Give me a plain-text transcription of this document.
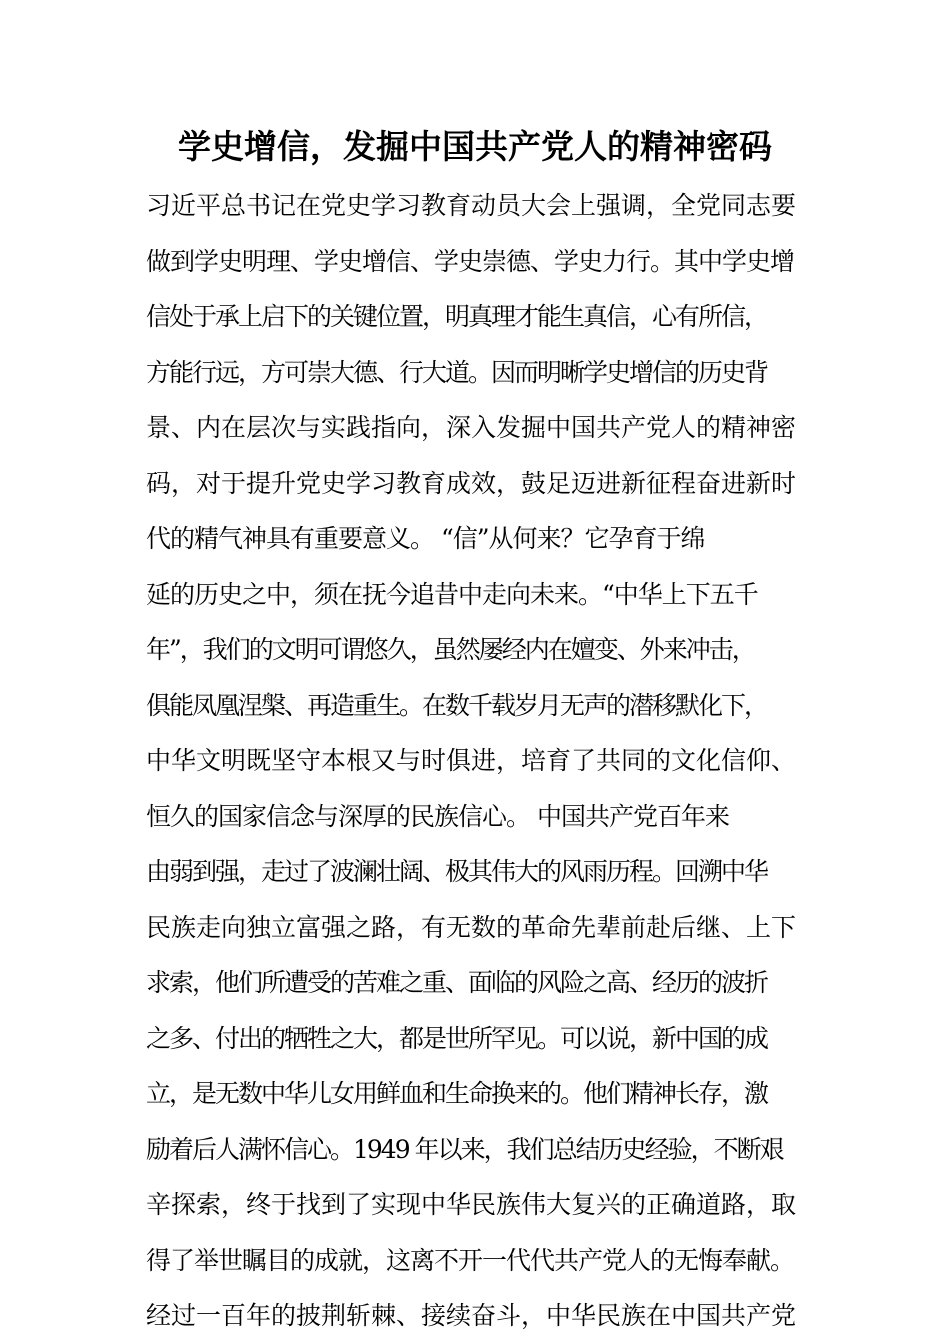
学史增信，发掘中国共产党人的精神密码
习近平总书记在党史学习教育动员大会上强调，全党同志要
做到学史明理、学史增信、学史崇德、学史力行。其中学史增
信处于承上启下的关键位置，明真理才能生真信，心有所信，
方能行远，方可崇大德、行大道。因而明晰学史增信的历史背
景、内在层次与实践指向，深入发掘中国共产党人的精神密
码，对于提升党史学习教育成效，鼓足迈进新征程奋进新时
代的精气神具有重要意义。 “信”从何来？它孕育于绵
延的历史之中，须在抚今追昔中走向未来。“中华上下五千
年”，我们的文明可谓悠久，虽然屡经内在嬗变、外来冲击，
俱能凤凰涅槃、再造重生。在数千载岁月无声的潜移默化下，
中华文明既坚守本根又与时俱进，培育了共同的文化信仰、
恒久的国家信念与深厚的民族信心。 中国共产党百年来
由弱到强，走过了波澜壮阔、极其伟大的风雨历程。回溯中华
民族走向独立富强之路，有无数的革命先辈前赴后继、上下
求索，他们所遭受的苦难之重、面临的风险之高、经历的波折
之多、付出的牺牲之大，都是世所罕见。可以说，新中国的成
立，是无数中华儿女用鲜血和生命换来的。他们精神长存，激
励着后人满怀信心。1949 年以来，我们总结历史经验，不断艰
辛探索，终于找到了实现中华民族伟大复兴的正确道路，取
得了举世瞩目的成就，这离不开一代代共产党人的无悔奉献。
经过一百年的披荆斩棘、接续奋斗，中华民族在中国共产党
